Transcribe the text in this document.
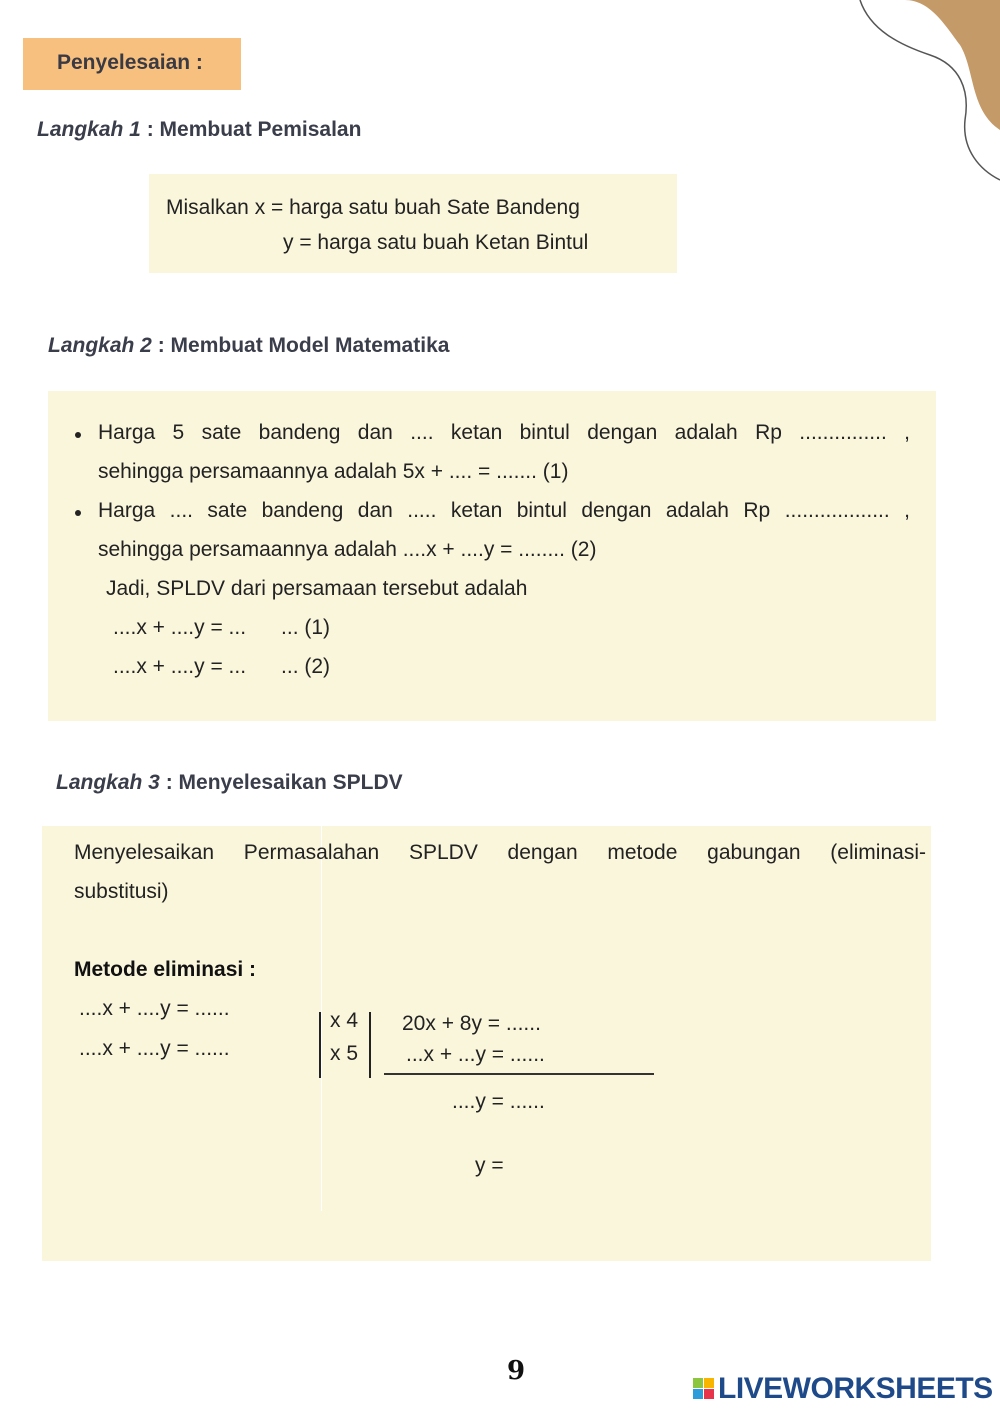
Penyelesaian :
Langkah 1 : Membuat Pemisalan
Misalkan x = harga satu buah Sate Bandeng
y = harga satu buah Ketan Bintul
Langkah 2 : Membuat Model Matematika
Harga 5 sate bandeng dan .... ketan bintul dengan adalah Rp ............... ,
sehingga persamaannya adalah 5x + .... = ....... (1)
Harga .... sate bandeng dan ..... ketan bintul dengan adalah Rp .................. ,
sehingga persamaannya adalah ....x + ....y = ........ (2)
Jadi, SPLDV dari persamaan tersebut adalah
....x + ....y = ...      ... (1)
....x + ....y = ...      ... (2)
Langkah 3 : Menyelesaikan SPLDV
Menyelesaikan Permasalahan SPLDV dengan metode gabungan (eliminasi-
substitusi)
Metode eliminasi :
....x + ....y = ......
....x + ....y = ......
x 4
x 5
20x + 8y = ......
...x + ...y = ......
....y = ......
y =
9
LIVEWORKSHEETS
